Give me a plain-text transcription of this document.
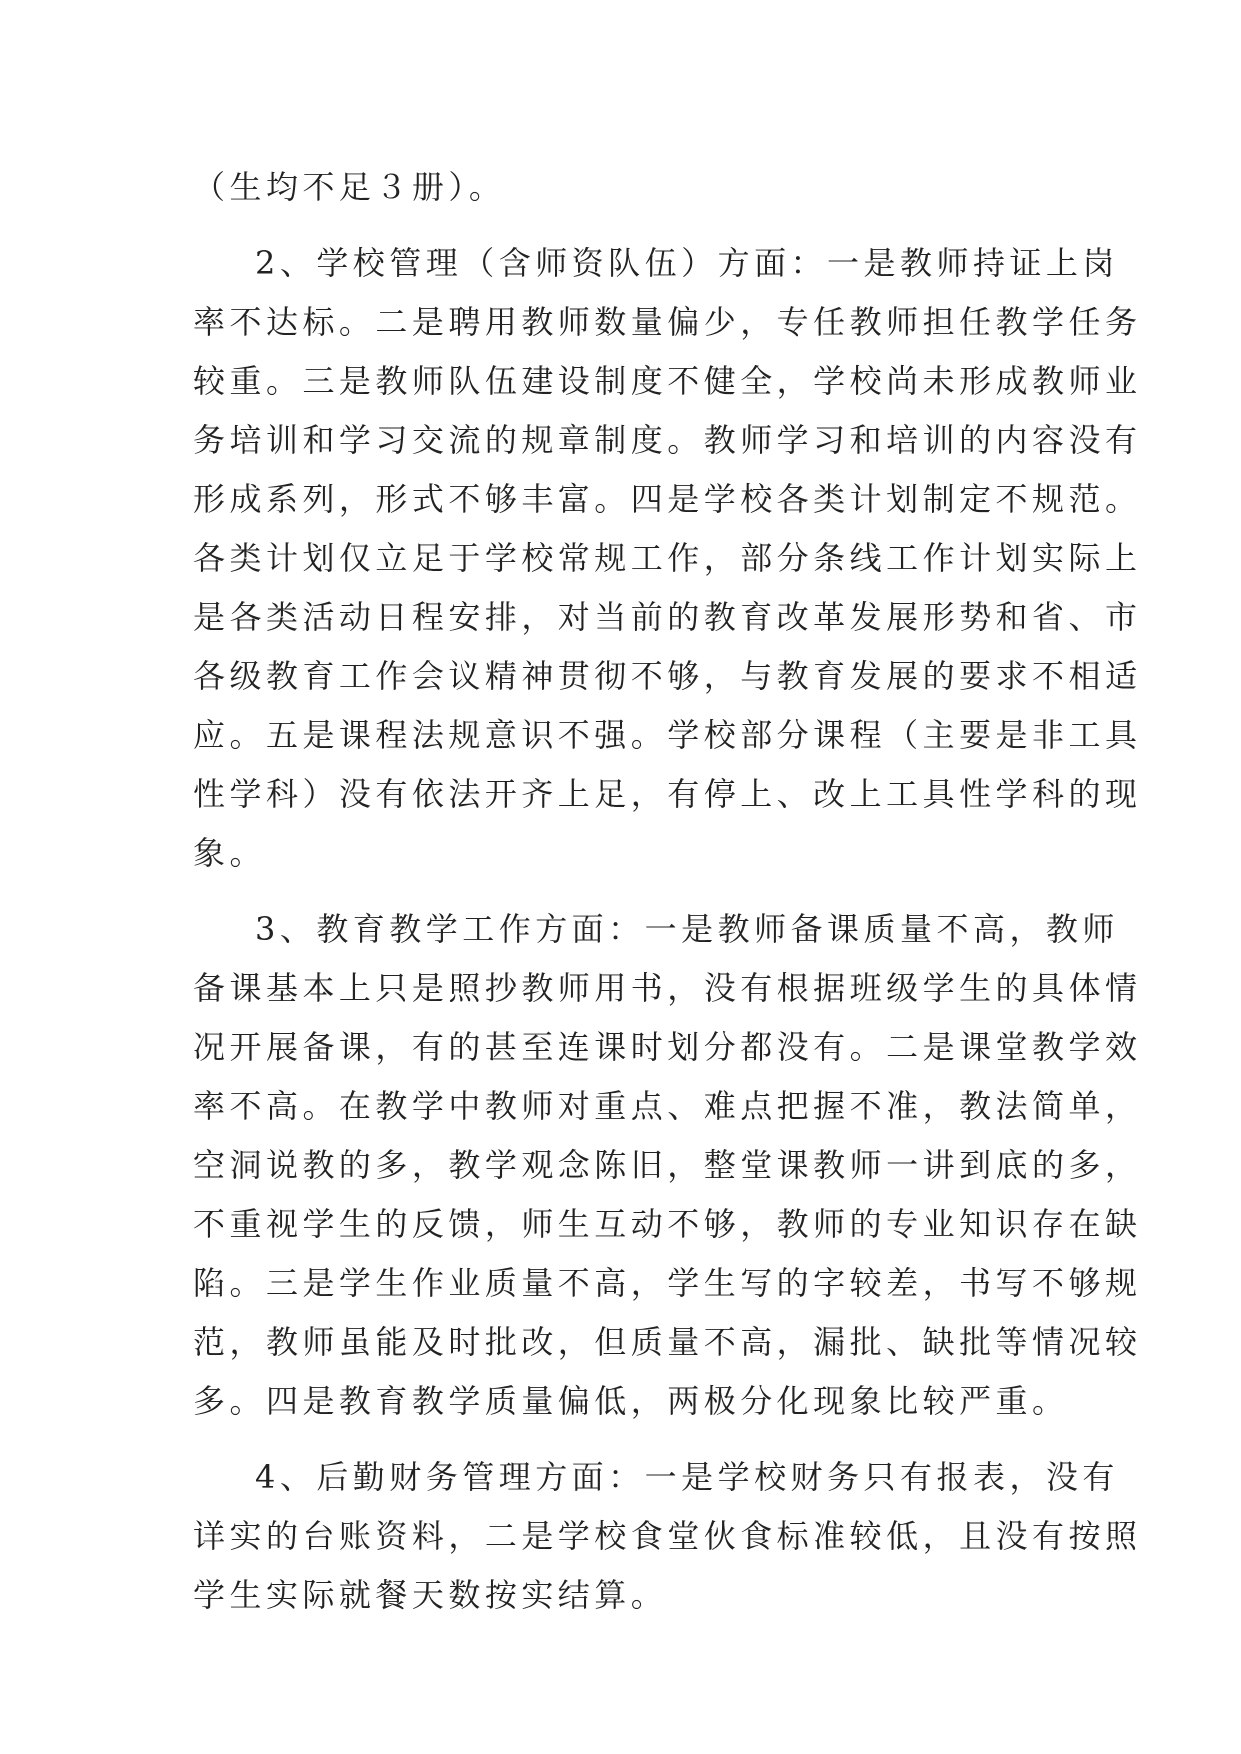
（生均不足３册）。
2、学校管理（含师资队伍）方面：一是教师持证上岗
率不达标。二是聘用教师数量偏少，专任教师担任教学任务
较重。三是教师队伍建设制度不健全，学校尚未形成教师业
务培训和学习交流的规章制度。教师学习和培训的内容没有
形成系列，形式不够丰富。四是学校各类计划制定不规范。
各类计划仅立足于学校常规工作，部分条线工作计划实际上
是各类活动日程安排，对当前的教育改革发展形势和省、市
各级教育工作会议精神贯彻不够，与教育发展的要求不相适
应。五是课程法规意识不强。学校部分课程（主要是非工具
性学科）没有依法开齐上足，有停上、改上工具性学科的现
象。
3、教育教学工作方面：一是教师备课质量不高，教师
备课基本上只是照抄教师用书，没有根据班级学生的具体情
况开展备课，有的甚至连课时划分都没有。二是课堂教学效
率不高。在教学中教师对重点、难点把握不准，教法简单，
空洞说教的多，教学观念陈旧，整堂课教师一讲到底的多，
不重视学生的反馈，师生互动不够，教师的专业知识存在缺
陷。三是学生作业质量不高，学生写的字较差，书写不够规
范，教师虽能及时批改，但质量不高，漏批、缺批等情况较
多。四是教育教学质量偏低，两极分化现象比较严重。
4、后勤财务管理方面：一是学校财务只有报表，没有
详实的台账资料，二是学校食堂伙食标准较低，且没有按照
学生实际就餐天数按实结算。
